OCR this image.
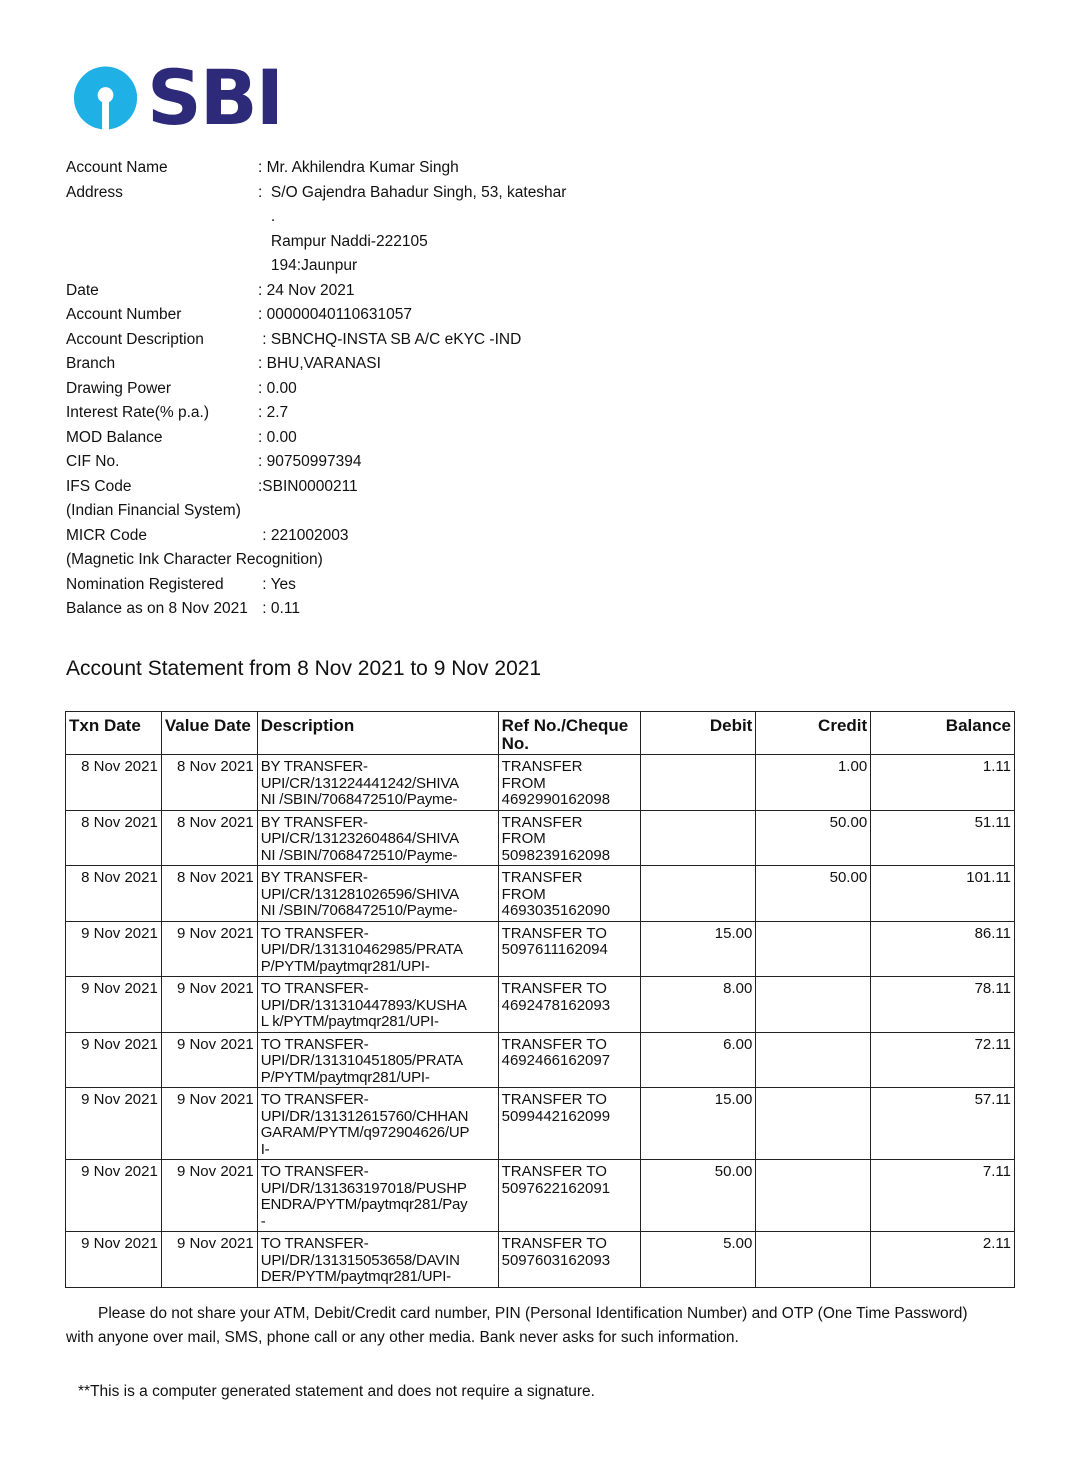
SBI
Account Name	: Mr. Akhilendra Kumar Singh
Address	:  S/O Gajendra Bahadur Singh, 53, kateshar
.
Rampur Naddi-222105
194:Jaunpur
Date	: 24 Nov 2021
Account Number	: 00000040110631057
Account Description	: SBNCHQ-INSTA SB A/C eKYC -IND
Branch	: BHU,VARANASI
Drawing Power	: 0.00
Interest Rate(% p.a.)	: 2.7
MOD Balance	: 0.00
CIF No.	: 90750997394
IFS Code	:SBIN0000211
(Indian Financial System)
MICR Code	: 221002003
(Magnetic Ink Character Recognition)
Nomination Registered	: Yes
Balance as on 8 Nov 2021 : 0.11
Account Statement from 8 Nov 2021 to 9 Nov 2021
Txn Date	Value Date	Description	Ref No./Cheque No.	Debit	Credit	Balance
8 Nov 2021	8 Nov 2021	BY TRANSFER-
UPI/CR/131224441242/SHIVA
NI /SBIN/7068472510/Payme-	TRANSFER
FROM
4692990162098		1.00	1.11
8 Nov 2021	8 Nov 2021	BY TRANSFER-
UPI/CR/131232604864/SHIVA
NI /SBIN/7068472510/Payme-	TRANSFER
FROM
5098239162098		50.00	51.11
8 Nov 2021	8 Nov 2021	BY TRANSFER-
UPI/CR/131281026596/SHIVA
NI /SBIN/7068472510/Payme-	TRANSFER
FROM
4693035162090		50.00	101.11
9 Nov 2021	9 Nov 2021	TO TRANSFER-
UPI/DR/131310462985/PRATA
P/PYTM/paytmqr281/UPI-	TRANSFER TO
5097611162094	15.00		86.11
9 Nov 2021	9 Nov 2021	TO TRANSFER-
UPI/DR/131310447893/KUSHA
L k/PYTM/paytmqr281/UPI-	TRANSFER TO
4692478162093	8.00		78.11
9 Nov 2021	9 Nov 2021	TO TRANSFER-
UPI/DR/131310451805/PRATA
P/PYTM/paytmqr281/UPI-	TRANSFER TO
4692466162097	6.00		72.11
9 Nov 2021	9 Nov 2021	TO TRANSFER-
UPI/DR/131312615760/CHHAN
GARAM/PYTM/q972904626/UP
I-	TRANSFER TO
5099442162099	15.00		57.11
9 Nov 2021	9 Nov 2021	TO TRANSFER-
UPI/DR/131363197018/PUSHP
ENDRA/PYTM/paytmqr281/Pay
-	TRANSFER TO
5097622162091	50.00		7.11
9 Nov 2021	9 Nov 2021	TO TRANSFER-
UPI/DR/131315053658/DAVIN
DER/PYTM/paytmqr281/UPI-	TRANSFER TO
5097603162093	5.00		2.11
Please do not share your ATM, Debit/Credit card number, PIN (Personal Identification Number) and OTP (One Time Password)
with anyone over mail, SMS, phone call or any other media. Bank never asks for such information.
**This is a computer generated statement and does not require a signature.
